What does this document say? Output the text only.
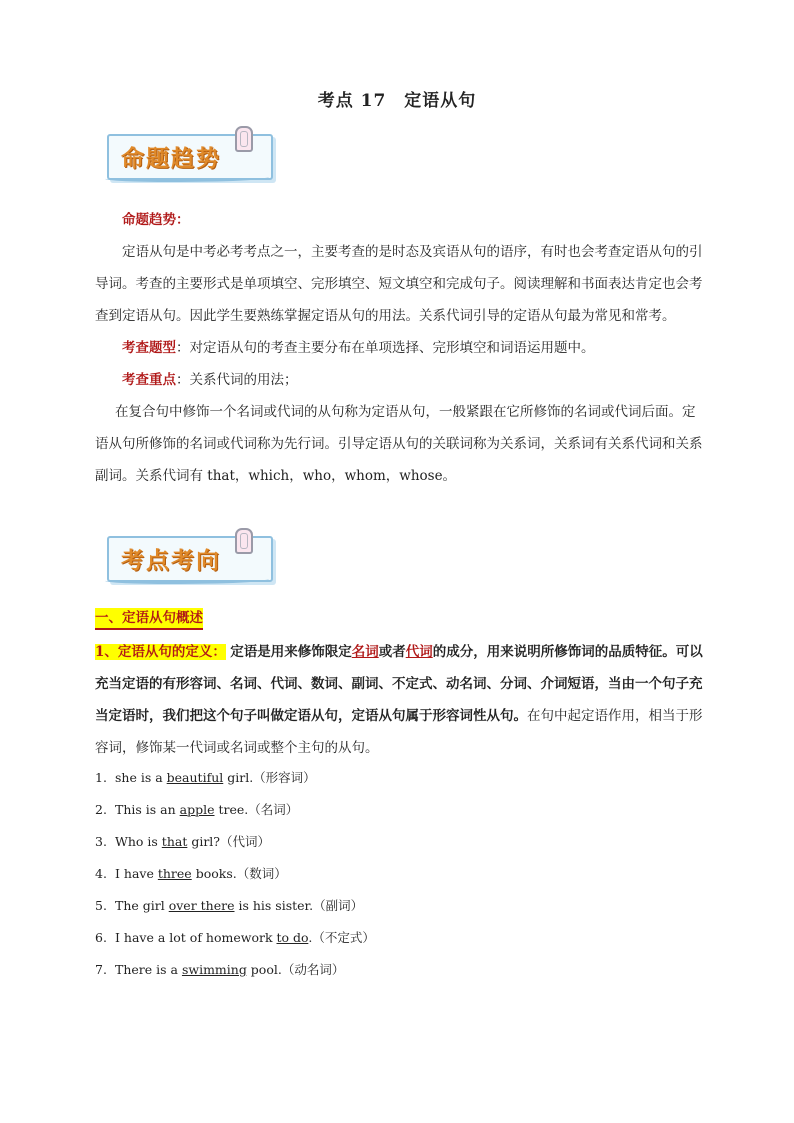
考点 17　定语从句
命题趋势
命题趋势：
定语从句是中考必考考点之一，主要考查的是时态及宾语从句的语序，有时也会考查定语从句的引导词。考查的主要形式是单项填空、完形填空、短文填空和完成句子。阅读理解和书面表达肯定也会考查到定语从句。因此学生要熟练掌握定语从句的用法。关系代词引导的定语从句最为常见和常考。
考查题型：对定语从句的考查主要分布在单项选择、完形填空和词语运用题中。
考查重点：关系代词的用法；
在复合句中修饰一个名词或代词的从句称为定语从句，一般紧跟在它所修饰的名词或代词后面。定语从句所修饰的名词或代词称为先行词。引导定语从句的关联词称为关系词，关系词有关系代词和关系副词。关系代词有 that，which，who，whom，whose。
考点考向
一、定语从句概述
1、定语从句的定义： 定语是用来修饰限定名词或者代词的成分，用来说明所修饰词的品质特征。可以充当定语的有形容词、名词、代词、数词、副词、不定式、动名词、分词、介词短语，当由一个句子充当定语时，我们把这个句子叫做定语从句，定语从句属于形容词性从句。在句中起定语作用，相当于形容词，修饰某一代词或名词或整个主句的从句。
1. she is a beautiful girl.（形容词）
2. This is an apple tree.（名词）
3. Who is that girl?（代词）
4. I have three books.（数词）
5. The girl over there is his sister.（副词）
6. I have a lot of homework to do.（不定式）
7. There is a swimming pool.（动名词）
